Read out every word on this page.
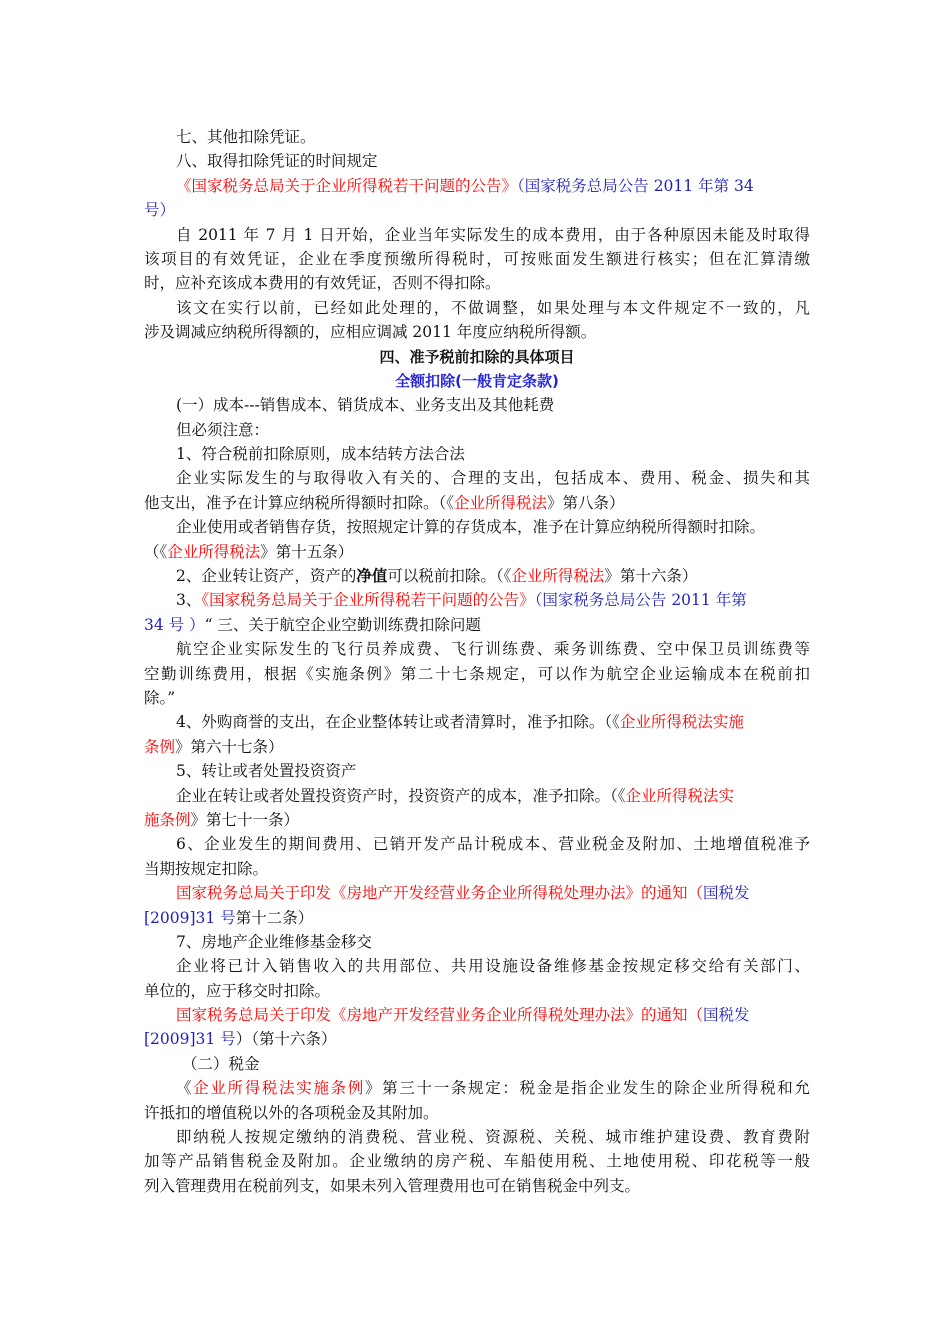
七、其他扣除凭证。
八、取得扣除凭证的时间规定
《国家税务总局关于企业所得税若干问题的公告》（国家税务总局公告 2011 年第 34
号）
自 2011 年 7 月 1 日开始，企业当年实际发生的成本费用，由于各种原因未能及时取得
该项目的有效凭证，企业在季度预缴所得税时，可按账面发生额进行核实；但在汇算清缴
时，应补充该成本费用的有效凭证，否则不得扣除。
该文在实行以前，已经如此处理的，不做调整，如果处理与本文件规定不一致的，凡
涉及调减应纳税所得额的，应相应调减 2011 年度应纳税所得额。
四、准予税前扣除的具体项目
全额扣除(一般肯定条款)
(一）成本---销售成本、销货成本、业务支出及其他耗费
但必须注意：
1、符合税前扣除原则，成本结转方法合法
企业实际发生的与取得收入有关的、合理的支出，包括成本、费用、税金、损失和其
他支出，准予在计算应纳税所得额时扣除。（《企业所得税法》第八条）
企业使用或者销售存货，按照规定计算的存货成本，准予在计算应纳税所得额时扣除。
（《企业所得税法》第十五条）
2、企业转让资产，资产的净值可以税前扣除。（《企业所得税法》第十六条）
3、《国家税务总局关于企业所得税若干问题的公告》（国家税务总局公告 2011 年第
34 号 ）“ 三、关于航空企业空勤训练费扣除问题
航空企业实际发生的飞行员养成费、飞行训练费、乘务训练费、空中保卫员训练费等
空勤训练费用，根据《实施条例》第二十七条规定，可以作为航空企业运输成本在税前扣
除。”
4、外购商誉的支出，在企业整体转让或者清算时，准予扣除。（《企业所得税法实施
条例》第六十七条）
5、转让或者处置投资资产
企业在转让或者处置投资资产时，投资资产的成本，准予扣除。（《企业所得税法实
施条例》第七十一条）
6、企业发生的期间费用、已销开发产品计税成本、营业税金及附加、土地增值税准予
当期按规定扣除。
国家税务总局关于印发《房地产开发经营业务企业所得税处理办法》的通知（国税发
[2009]31 号第十二条）
7、房地产企业维修基金移交
企业将已计入销售收入的共用部位、共用设施设备维修基金按规定移交给有关部门、
单位的，应于移交时扣除。
国家税务总局关于印发《房地产开发经营业务企业所得税处理办法》的通知（国税发
[2009]31 号）（第十六条）
（二）税金
《企业所得税法实施条例》第三十一条规定：税金是指企业发生的除企业所得税和允
许抵扣的增值税以外的各项税金及其附加。
即纳税人按规定缴纳的消费税、营业税、资源税、关税、城市维护建设费、教育费附
加等产品销售税金及附加。企业缴纳的房产税、车船使用税、土地使用税、印花税等一般
列入管理费用在税前列支，如果未列入管理费用也可在销售税金中列支。
